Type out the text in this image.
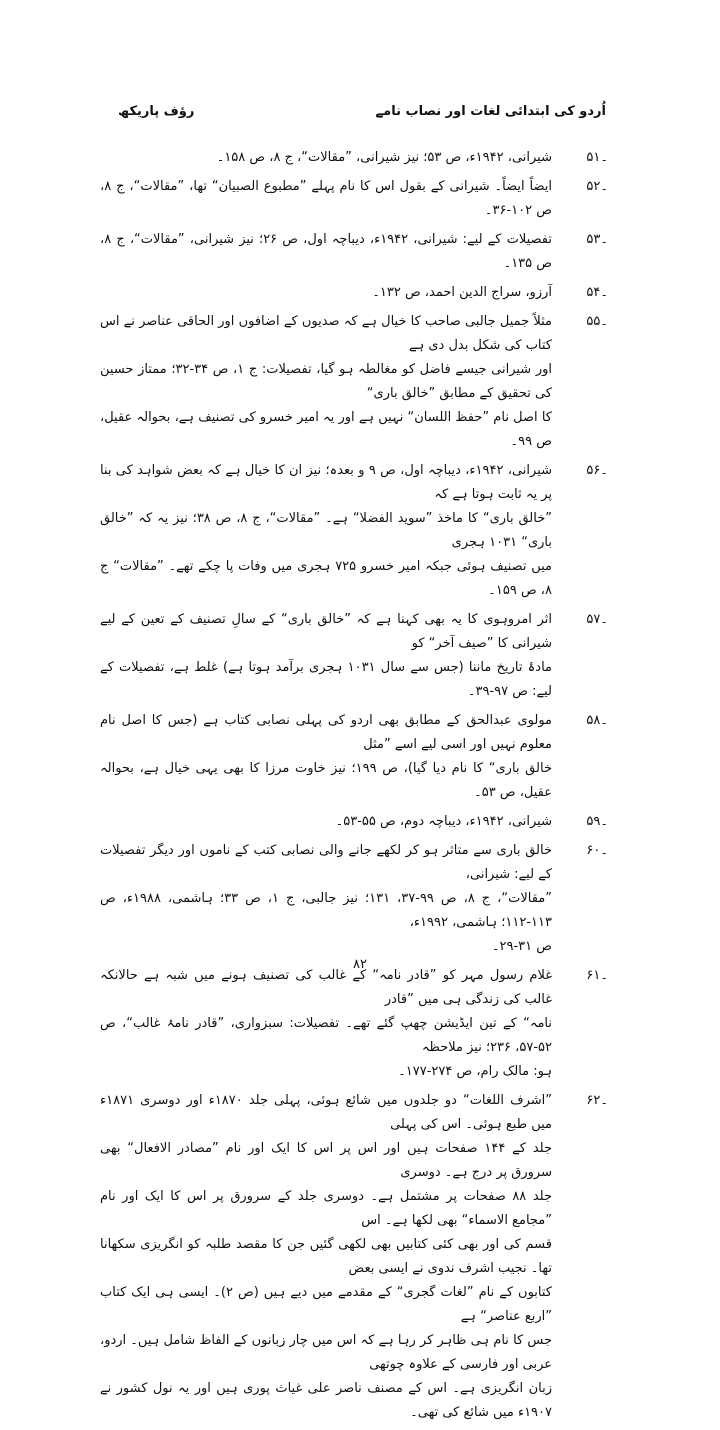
اُردو کی ابتدائی لغات اور نصاب نامے
رؤف پاریکھ
۵۱۔
شیرانی، ۱۹۴۲ء، ص ۵۳؛ نیز شیرانی، ”مقالات“، ج ۸، ص ۱۵۸۔
۵۲۔
ایضاً ایضاً۔ شیرانی کے بقول اس کا نام پہلے ”مطبوع الصبیان“ تھا، ”مقالات“، ج ۸، ص ۱۰۲-۳۶۔
۵۳۔
تفصیلات کے لیے: شیرانی، ۱۹۴۲ء، دیباچہ اول، ص ۲۶؛ نیز شیرانی، ”مقالات“، ج ۸، ص ۱۳۵۔
۵۴۔
آرزو، سراج الدین احمد، ص ۱۳۲۔
۵۵۔
مثلاً جمیل جالبی صاحب کا خیال ہے کہ صدیوں کے اضافوں اور الحاقی عناصر نے اس کتاب کی شکل بدل دی ہے
اور شیرانی جیسے فاضل کو مغالطہ ہو گیا، تفصیلات: ج ۱، ص ۳۴-۳۲؛ ممتاز حسین کی تحقیق کے مطابق ”خالق باری“
کا اصل نام ”حفظ اللسان“ نہیں ہے اور یہ امیر خسرو کی تصنیف ہے، بحوالہ عقیل، ص ۹۹۔
۵۶۔
شیرانی، ۱۹۴۲ء، دیباچہ اول، ص ۹ و بعدہ؛ نیز ان کا خیال ہے کہ بعض شواہد کی بنا پر یہ ثابت ہوتا ہے کہ
”خالق باری“ کا ماخذ ”سوید الفضلا“ ہے۔ ”مقالات“، ج ۸، ص ۳۸؛ نیز یہ کہ ”خالق باری“ ۱۰۳۱ ہجری
میں تصنیف ہوئی جبکہ امیر خسرو ۷۲۵ ہجری میں وفات پا چکے تھے۔ ”مقالات“ ج ۸، ص ۱۵۹۔
۵۷۔
اثر امروہوی کا یہ بھی کہنا ہے کہ ”خالق باری“ کے سالِ تصنیف کے تعین کے لیے شیرانی کا ”صیف آخر“ کو
مادۂ تاریخ ماننا (جس سے سال ۱۰۳۱ ہجری برآمد ہوتا ہے) غلط ہے، تفصیلات کے لیے: ص ۹۷-۳۹۔
۵۸۔
مولوی عبدالحق کے مطابق بھی اردو کی پہلی نصابی کتاب ہے (جس کا اصل نام معلوم نہیں اور اسی لیے اسے ”مثل
خالق باری“ کا نام دیا گیا)، ص ۱۹۹؛ نیز خاوت مرزا کا بھی یہی خیال ہے، بحوالہ عقیل، ص ۵۳۔
۵۹۔
شیرانی، ۱۹۴۲ء، دیباچہ دوم، ص ۵۵-۵۳۔
۶۰۔
خالق باری سے متاثر ہو کر لکھے جانے والی نصابی کتب کے ناموں اور دیگر تفصیلات کے لیے: شیرانی،
”مقالات“، ج ۸، ص ۹۹-۳۷، ۱۳۱؛ نیز جالبی، ج ۱، ص ۳۳؛ ہاشمی، ۱۹۸۸ء، ص ۱۱۳-۱۱۲؛ ہاشمی، ۱۹۹۲ء،
ص ۳۱-۲۹۔
۶۱۔
غلام رسول مہر کو ”قادر نامہ“ کے غالب کی تصنیف ہونے میں شبہ ہے حالانکہ غالب کی زندگی ہی میں ”قادر
نامہ“ کے تین ایڈیشن چھپ گئے تھے۔ تفصیلات: سبزواری، ”قادر نامۂ غالب“، ص ۵۲-۵۷، ۲۳۶؛ نیز ملاحظہ
ہو: مالک رام، ص ۲۷۴-۱۷۷۔
۶۲۔
”اشرف اللغات“ دو جلدوں میں شائع ہوئی، پہلی جلد ۱۸۷۰ء اور دوسری ۱۸۷۱ء میں طبع ہوئی۔ اس کی پہلی
جلد کے ۱۴۴ صفحات ہیں اور اس پر اس کا ایک اور نام ”مصادر الافعال“ بھی سرورق پر درج ہے۔ دوسری
جلد ۸۸ صفحات پر مشتمل ہے۔ دوسری جلد کے سرورق پر اس کا ایک اور نام ”مجامع الاسماء“ بھی لکھا ہے۔ اس
قسم کی اور بھی کئی کتابیں بھی لکھی گئیں جن کا مقصد طلبہ کو انگریزی سکھانا تھا۔ نجیب اشرف ندوی نے ایسی بعض
کتابوں کے نام ”لغات گجری“ کے مقدمے میں دیے ہیں (ص ۲)۔ ایسی ہی ایک کتاب ”اربع عناصر“ ہے
جس کا نام ہی ظاہر کر رہا ہے کہ اس میں چار زبانوں کے الفاظ شامل ہیں۔ اردو، عربی اور فارسی کے علاوہ چوتھی
زبان انگریزی ہے۔ اس کے مصنف ناصر علی غیاث پوری ہیں اور یہ نول کشور نے ۱۹۰۷ء میں شائع کی تھی۔
۸۲
